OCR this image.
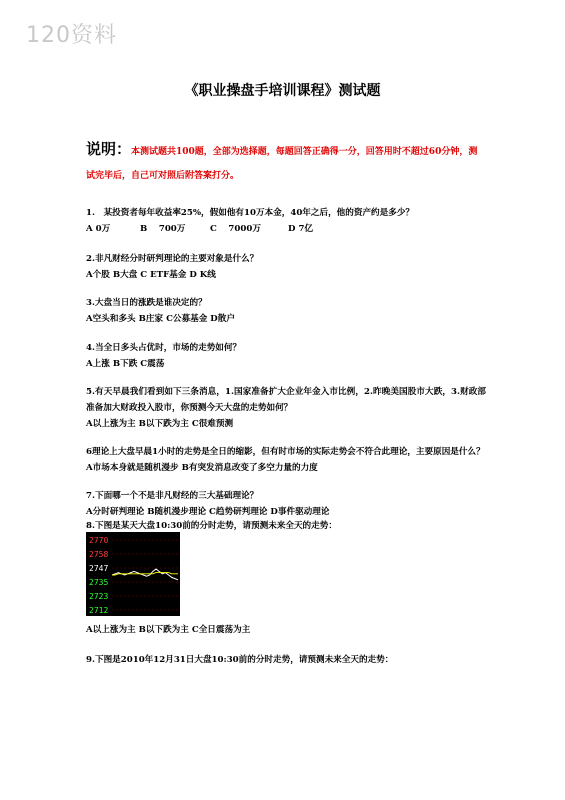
120资料
《职业操盘手培训课程》测试题
说明：本测试题共100题，全部为选择题，每题回答正确得一分，回答用时不超过60分钟，测试完毕后，自己可对照后附答案打分。

1.　某投资者每年收益率25%，假如他有10万本金，40年之后，他的资产约是多少？

A 0万	B　 700万	C　 7000万	D 7亿

2.非凡财经分时研判理论的主要对象是什么？

A个股 B大盘 C ETF基金 D K线

3.大盘当日的涨跌是谁决定的？

A空头和多头 B庄家 C公募基金 D散户

4.当全日多头占优时，市场的走势如何？

A上涨 B下跌 C震荡

5.有天早晨我们看到如下三条消息，1.国家准备扩大企业年金入市比例，2.昨晚美国股市大跌，3.财政部准备加大财政投入股市，你预测今天大盘的走势如何？

A以上涨为主 B以下跌为主 C很难预测

6理论上大盘早晨1小时的走势是全日的缩影，但有时市场的实际走势会不符合此理论，主要原因是什么？

A市场本身就是随机漫步 B有突发消息改变了多空力量的力度

7.下面哪一个不是非凡财经的三大基础理论？

A分时研判理论 B随机漫步理论 C趋势研判理论 D事件驱动理论

8.下图是某天大盘10:30前的分时走势，请预测未来全天的走势：

2770
2758
2747
2735
2723
2712

A以上涨为主 B以下跌为主 C全日震荡为主

9.下图是2010年12月31日大盘10:30前的分时走势，请预测未来全天的走势：
